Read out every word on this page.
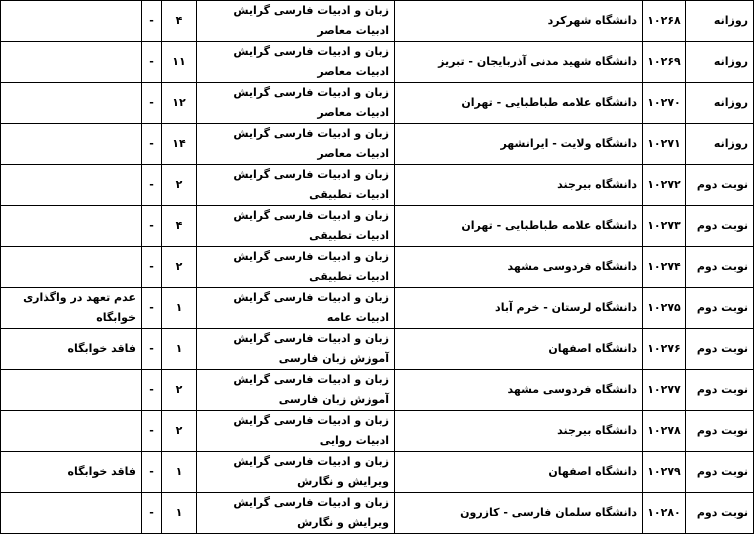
روزانه	۱۰۲۶۸	دانشگاه شهرکرد	زبان و ادبیات فارسی گرایش ادبیات معاصر	۴	-	
روزانه	۱۰۲۶۹	دانشگاه شهید مدنی آذربایجان - تبریز	زبان و ادبیات فارسی گرایش ادبیات معاصر	۱۱	-	
روزانه	۱۰۲۷۰	دانشگاه علامه طباطبایی - تهران	زبان و ادبیات فارسی گرایش ادبیات معاصر	۱۲	-	
روزانه	۱۰۲۷۱	دانشگاه ولایت - ایرانشهر	زبان و ادبیات فارسی گرایش ادبیات معاصر	۱۴	-	
نوبت دوم	۱۰۲۷۲	دانشگاه بیرجند	زبان و ادبیات فارسی گرایش ادبیات تطبیقی	۲	-	
نوبت دوم	۱۰۲۷۳	دانشگاه علامه طباطبایی - تهران	زبان و ادبیات فارسی گرایش ادبیات تطبیقی	۴	-	
نوبت دوم	۱۰۲۷۴	دانشگاه فردوسی مشهد	زبان و ادبیات فارسی گرایش ادبیات تطبیقی	۲	-	
نوبت دوم	۱۰۲۷۵	دانشگاه لرستان - خرم آباد	زبان و ادبیات فارسی گرایش ادبیات عامه	۱	-	عدم تعهد در واگذاری خوابگاه
نوبت دوم	۱۰۲۷۶	دانشگاه اصفهان	زبان و ادبیات فارسی گرایش آموزش زبان فارسی	۱	-	فاقد خوابگاه
نوبت دوم	۱۰۲۷۷	دانشگاه فردوسی مشهد	زبان و ادبیات فارسی گرایش آموزش زبان فارسی	۲	-	
نوبت دوم	۱۰۲۷۸	دانشگاه بیرجند	زبان و ادبیات فارسی گرایش ادبیات روایی	۲	-	
نوبت دوم	۱۰۲۷۹	دانشگاه اصفهان	زبان و ادبیات فارسی گرایش ویرایش و نگارش	۱	-	فاقد خوابگاه
نوبت دوم	۱۰۲۸۰	دانشگاه سلمان فارسی - کازرون	زبان و ادبیات فارسی گرایش ویرایش و نگارش	۱	-	
